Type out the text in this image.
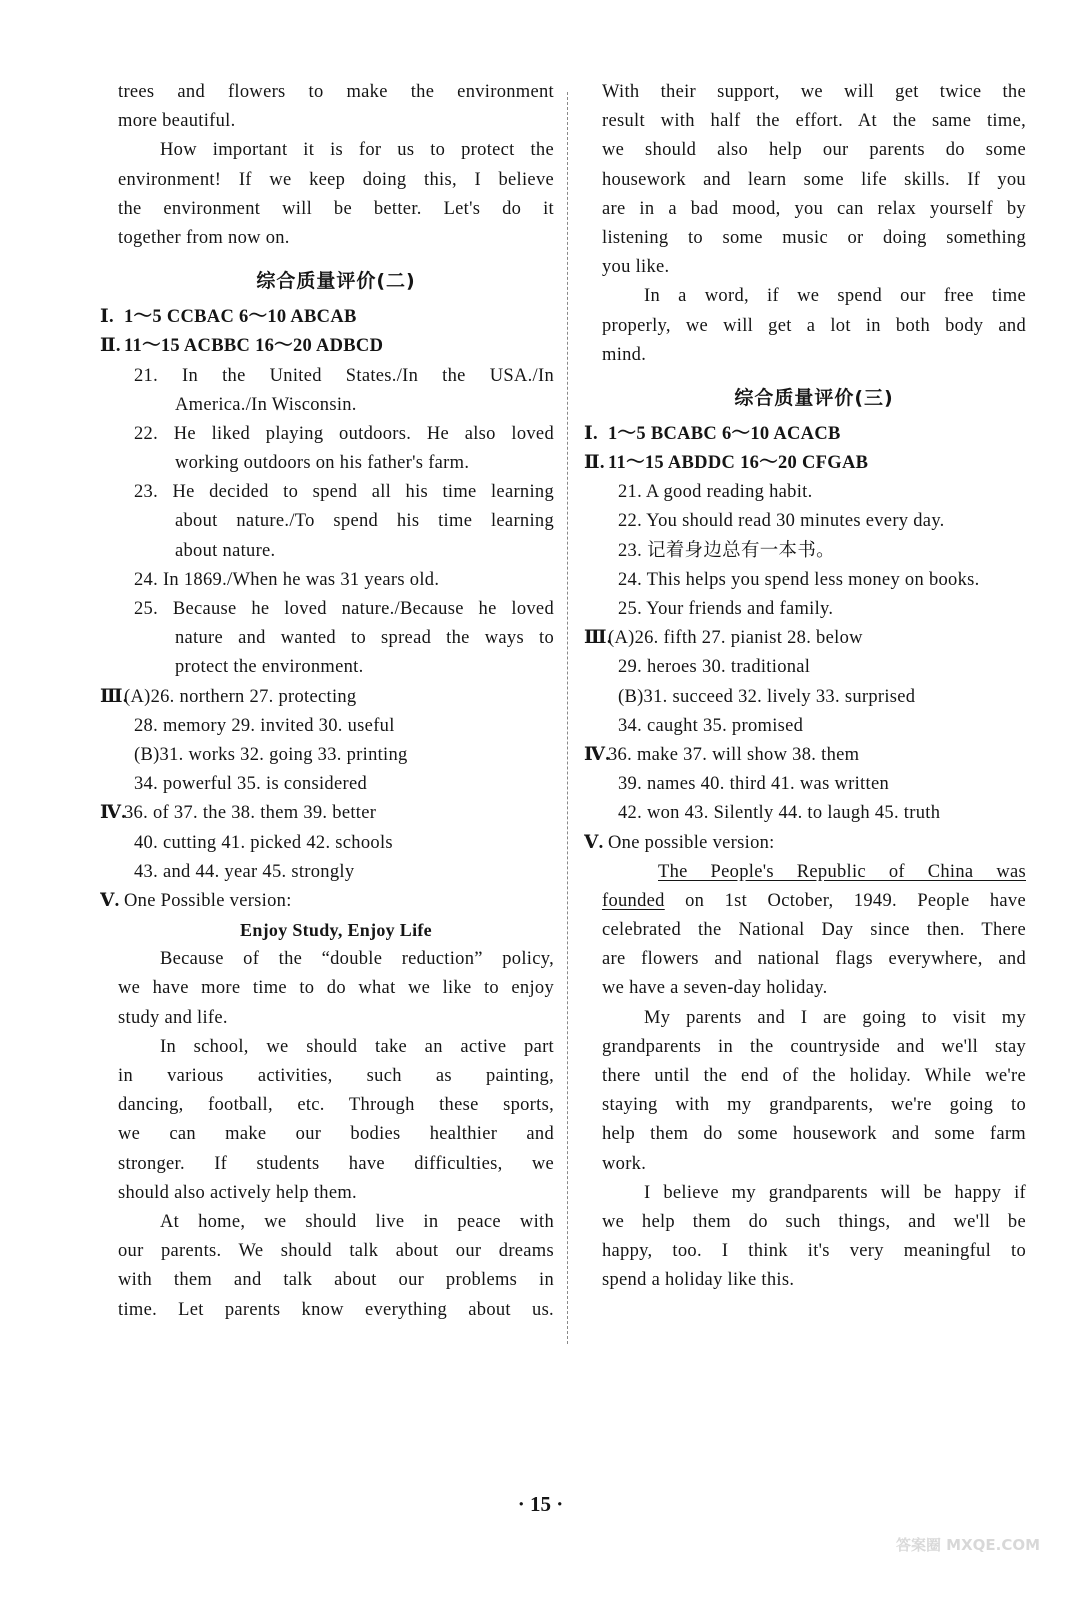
trees and flowers to make the environment
more beautiful.
How important it is for us to protect the
environment! If we keep doing this, I believe
the environment will be better. Let's do it
together from now on.
综合质量评价(二)
Ⅰ. 1～5 CCBAC 6～10 ABCAB
Ⅱ. 11～15 ACBBC 16～20 ADBCD
21. In the United States./In the USA./In
America./In Wisconsin.
22. He liked playing outdoors. He also loved
working outdoors on his father's farm.
23. He decided to spend all his time learning
about nature./To spend his time learning
about nature.
24. In 1869./When he was 31 years old.
25. Because he loved nature./Because he loved
nature and wanted to spread the ways to
protect the environment.
Ⅲ.(A)26. northern 27. protecting
28. memory 29. invited 30. useful
(B)31. works 32. going 33. printing
34. powerful 35. is considered
Ⅳ.36. of 37. the 38. them 39. better
40. cutting 41. picked 42. schools
43. and 44. year 45. strongly
Ⅴ. One Possible version:
Enjoy Study, Enjoy Life
Because of the “double reduction” policy,
we have more time to do what we like to enjoy
study and life.
In school, we should take an active part
in various activities, such as painting,
dancing, football, etc. Through these sports,
we can make our bodies healthier and
stronger. If students have difficulties, we
should also actively help them.
At home, we should live in peace with
our parents. We should talk about our dreams
with them and talk about our problems in
time. Let parents know everything about us.
With their support, we will get twice the
result with half the effort. At the same time,
we should also help our parents do some
housework and learn some life skills. If you
are in a bad mood, you can relax yourself by
listening to some music or doing something
you like.
In a word, if we spend our free time
properly, we will get a lot in both body and
mind.
综合质量评价(三)
Ⅰ. 1～5 BCABC 6～10 ACACB
Ⅱ. 11～15 ABDDC 16～20 CFGAB
21. A good reading habit.
22. You should read 30 minutes every day.
23. 记着身边总有一本书。
24. This helps you spend less money on books.
25. Your friends and family.
Ⅲ.(A)26. fifth 27. pianist 28. below
29. heroes 30. traditional
(B)31. succeed 32. lively 33. surprised
34. caught 35. promised
Ⅳ.36. make 37. will show 38. them
39. names 40. third 41. was written
42. won 43. Silently 44. to laugh 45. truth
Ⅴ. One possible version:
The People's Republic of China was
founded on 1st October, 1949. People have
celebrated the National Day since then. There
are flowers and national flags everywhere, and
we have a seven-day holiday.
My parents and I are going to visit my
grandparents in the countryside and we'll stay
there until the end of the holiday. While we're
staying with my grandparents, we're going to
help them do some housework and some farm
work.
I believe my grandparents will be happy if
we help them do such things, and we'll be
happy, too. I think it's very meaningful to
spend a holiday like this.
· 15 ·
答案圈 MXQE.COM
